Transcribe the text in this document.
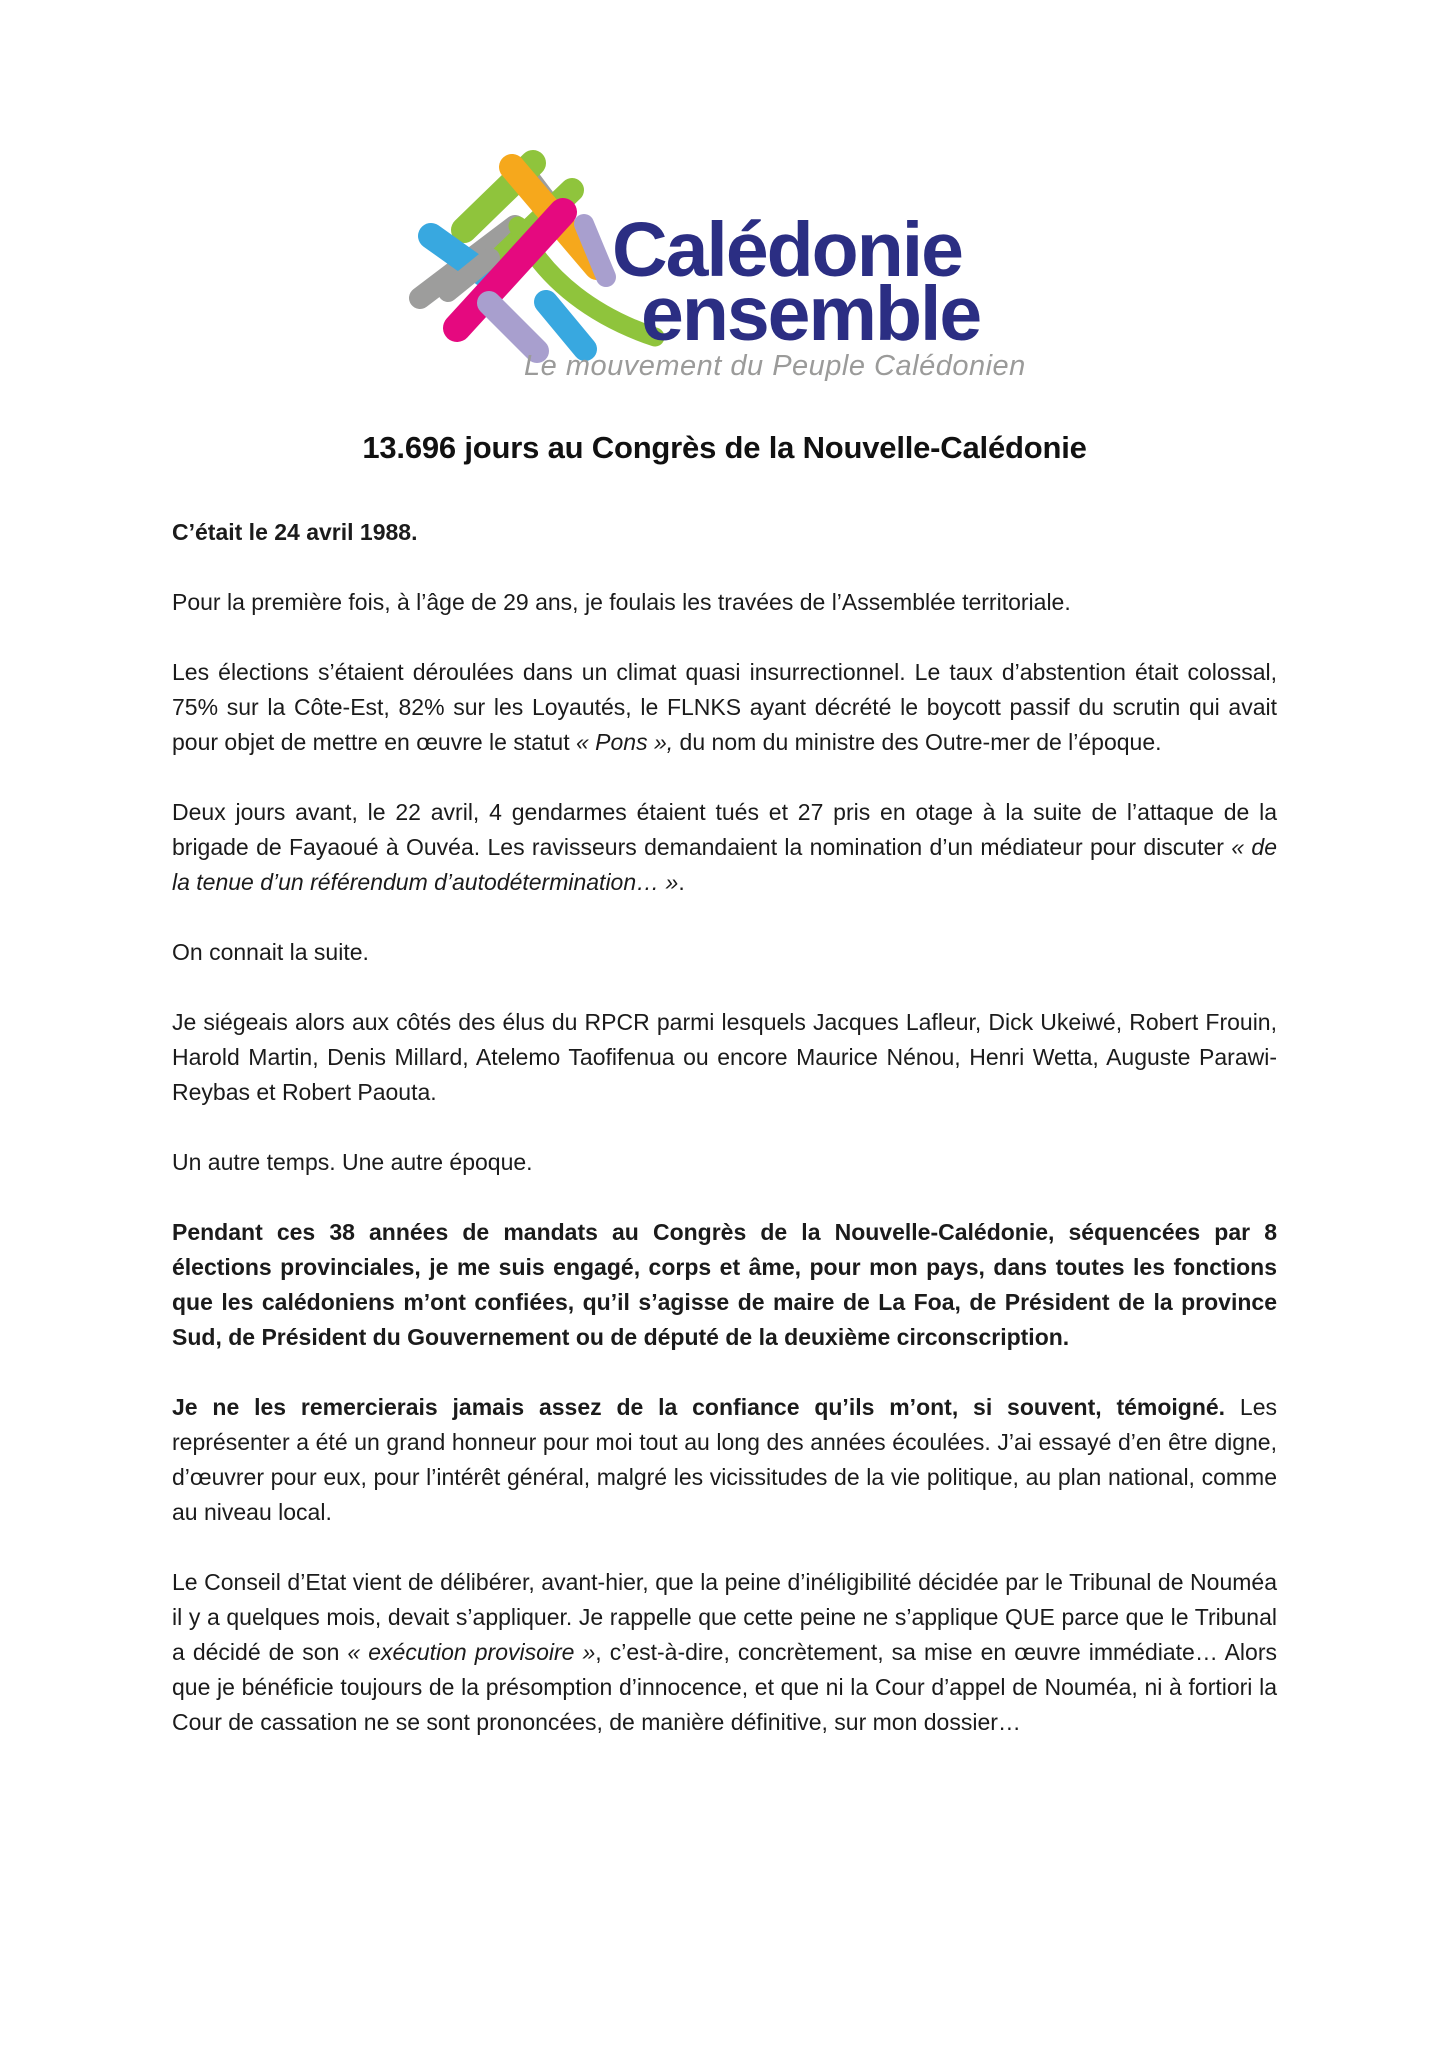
Calédonie
ensemble
Le mouvement du Peuple Calédonien
13.696 jours au Congrès de la Nouvelle-Calédonie

C’était le 24 avril 1988.

Pour la première fois, à l’âge de 29 ans, je foulais les travées de l’Assemblée territoriale.

Les élections s’étaient déroulées dans un climat quasi insurrectionnel. Le taux d’abstention était colossal, 75% sur la Côte-Est, 82% sur les Loyautés, le FLNKS ayant décrété le boycott passif du scrutin qui avait pour objet de mettre en œuvre le statut « Pons », du nom du ministre des Outre-mer de l’époque.

Deux jours avant, le 22 avril, 4 gendarmes étaient tués et 27 pris en otage à la suite de l’attaque de la brigade de Fayaoué à Ouvéa. Les ravisseurs demandaient la nomination d’un médiateur pour discuter « de la tenue d’un référendum d’autodétermination… ».

On connait la suite.

Je siégeais alors aux côtés des élus du RPCR parmi lesquels Jacques Lafleur, Dick Ukeiwé, Robert Frouin, Harold Martin, Denis Millard, Atelemo Taofifenua ou encore Maurice Nénou, Henri Wetta, Auguste Parawi-Reybas et Robert Paouta.

Un autre temps. Une autre époque.

Pendant ces 38 années de mandats au Congrès de la Nouvelle-Calédonie, séquencées par 8 élections provinciales, je me suis engagé, corps et âme, pour mon pays, dans toutes les fonctions que les calédoniens m’ont confiées, qu’il s’agisse de maire de La Foa, de Président de la province Sud, de Président du Gouvernement ou de député de la deuxième circonscription.

Je ne les remercierais jamais assez de la confiance qu’ils m’ont, si souvent, témoigné. Les représenter a été un grand honneur pour moi tout au long des années écoulées. J’ai essayé d’en être digne, d’œuvrer pour eux, pour l’intérêt général, malgré les vicissitudes de la vie politique, au plan national, comme au niveau local.

Le Conseil d’Etat vient de délibérer, avant-hier, que la peine d’inéligibilité décidée par le Tribunal de Nouméa il y a quelques mois, devait s’appliquer. Je rappelle que cette peine ne s’applique QUE parce que le Tribunal a décidé de son « exécution provisoire », c’est-à-dire, concrètement, sa mise en œuvre immédiate… Alors que je bénéficie toujours de la présomption d’innocence, et que ni la Cour d’appel de Nouméa, ni à fortiori la Cour de cassation ne se sont prononcées, de manière définitive, sur mon dossier…
